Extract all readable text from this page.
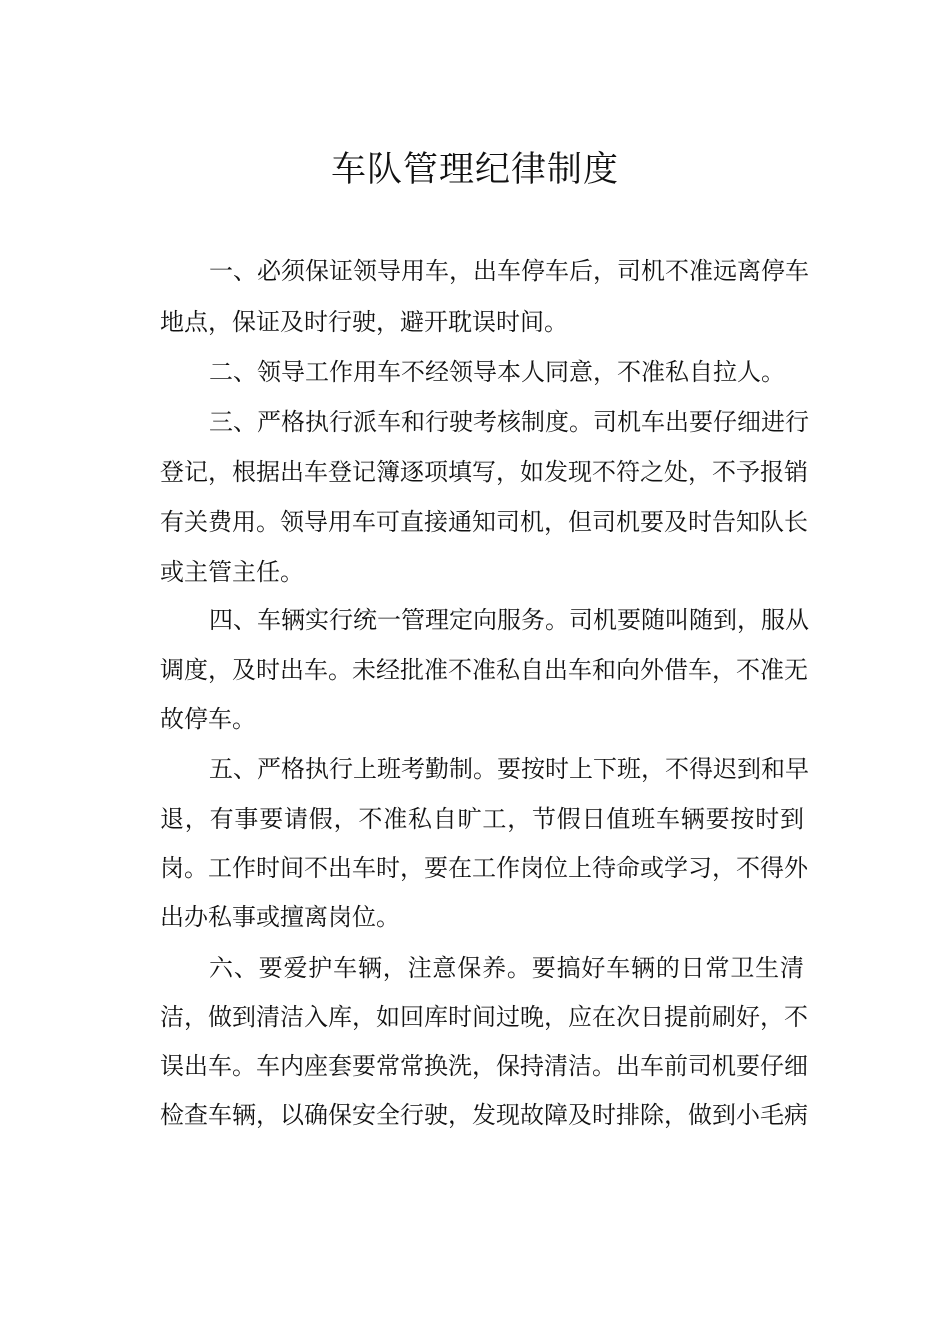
车队管理纪律制度
一、必须保证领导用车，出车停车后，司机不准远离停车
地点，保证及时行驶，避开耽误时间。
二、领导工作用车不经领导本人同意，不准私自拉人。
三、严格执行派车和行驶考核制度。司机车出要仔细进行
登记，根据出车登记簿逐项填写，如发现不符之处，不予报销
有关费用。领导用车可直接通知司机，但司机要及时告知队长
或主管主任。
四、车辆实行统一管理定向服务。司机要随叫随到，服从
调度，及时出车。未经批准不准私自出车和向外借车，不准无
故停车。
五、严格执行上班考勤制。要按时上下班，不得迟到和早
退，有事要请假，不准私自旷工，节假日值班车辆要按时到
岗。工作时间不出车时，要在工作岗位上待命或学习，不得外
出办私事或擅离岗位。
六、要爱护车辆，注意保养。要搞好车辆的日常卫生清
洁，做到清洁入库，如回库时间过晚，应在次日提前刷好，不
误出车。车内座套要常常换洗，保持清洁。出车前司机要仔细
检查车辆，以确保安全行驶，发现故障及时排除，做到小毛病
